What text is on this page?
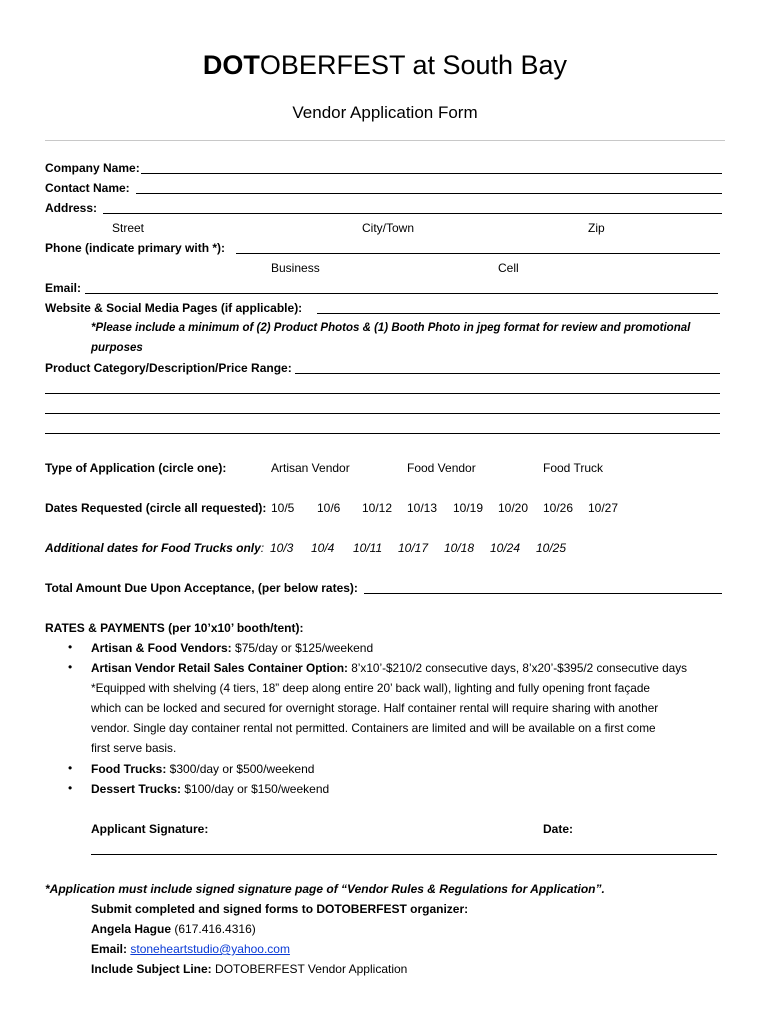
DOTOBERFEST at South Bay
Vendor Application Form
Company Name:
Contact Name:
Address:
Street	City/Town	Zip
Phone (indicate primary with *):
Business	Cell
Email:
Website & Social Media Pages (if applicable):
*Please include a minimum of (2) Product Photos & (1) Booth Photo in jpeg format for review and promotional
purposes
Product Category/Description/Price Range:
Type of Application (circle one):	Artisan Vendor	Food Vendor	Food Truck
Dates Requested (circle all requested): 10/5 10/6 10/12 10/13 10/19 10/20 10/26 10/27
Additional dates for Food Trucks only: 10/3 10/4 10/11 10/17 10/18 10/24 10/25
Total Amount Due Upon Acceptance, (per below rates):
RATES & PAYMENTS (per 10’x10’ booth/tent):
• Artisan & Food Vendors: $75/day or $125/weekend
• Artisan Vendor Retail Sales Container Option: 8’x10’-$210/2 consecutive days, 8’x20’-$395/2 consecutive days
*Equipped with shelving (4 tiers, 18” deep along entire 20’ back wall), lighting and fully opening front façade
which can be locked and secured for overnight storage. Half container rental will require sharing with another
vendor. Single day container rental not permitted. Containers are limited and will be available on a first come
first serve basis.
• Food Trucks: $300/day or $500/weekend
• Dessert Trucks: $100/day or $150/weekend
Applicant Signature:	Date:
*Application must include signed signature page of “Vendor Rules & Regulations for Application”.
Submit completed and signed forms to DOTOBERFEST organizer:
Angela Hague (617.416.4316)
Email: stoneheartstudio@yahoo.com
Include Subject Line: DOTOBERFEST Vendor Application
